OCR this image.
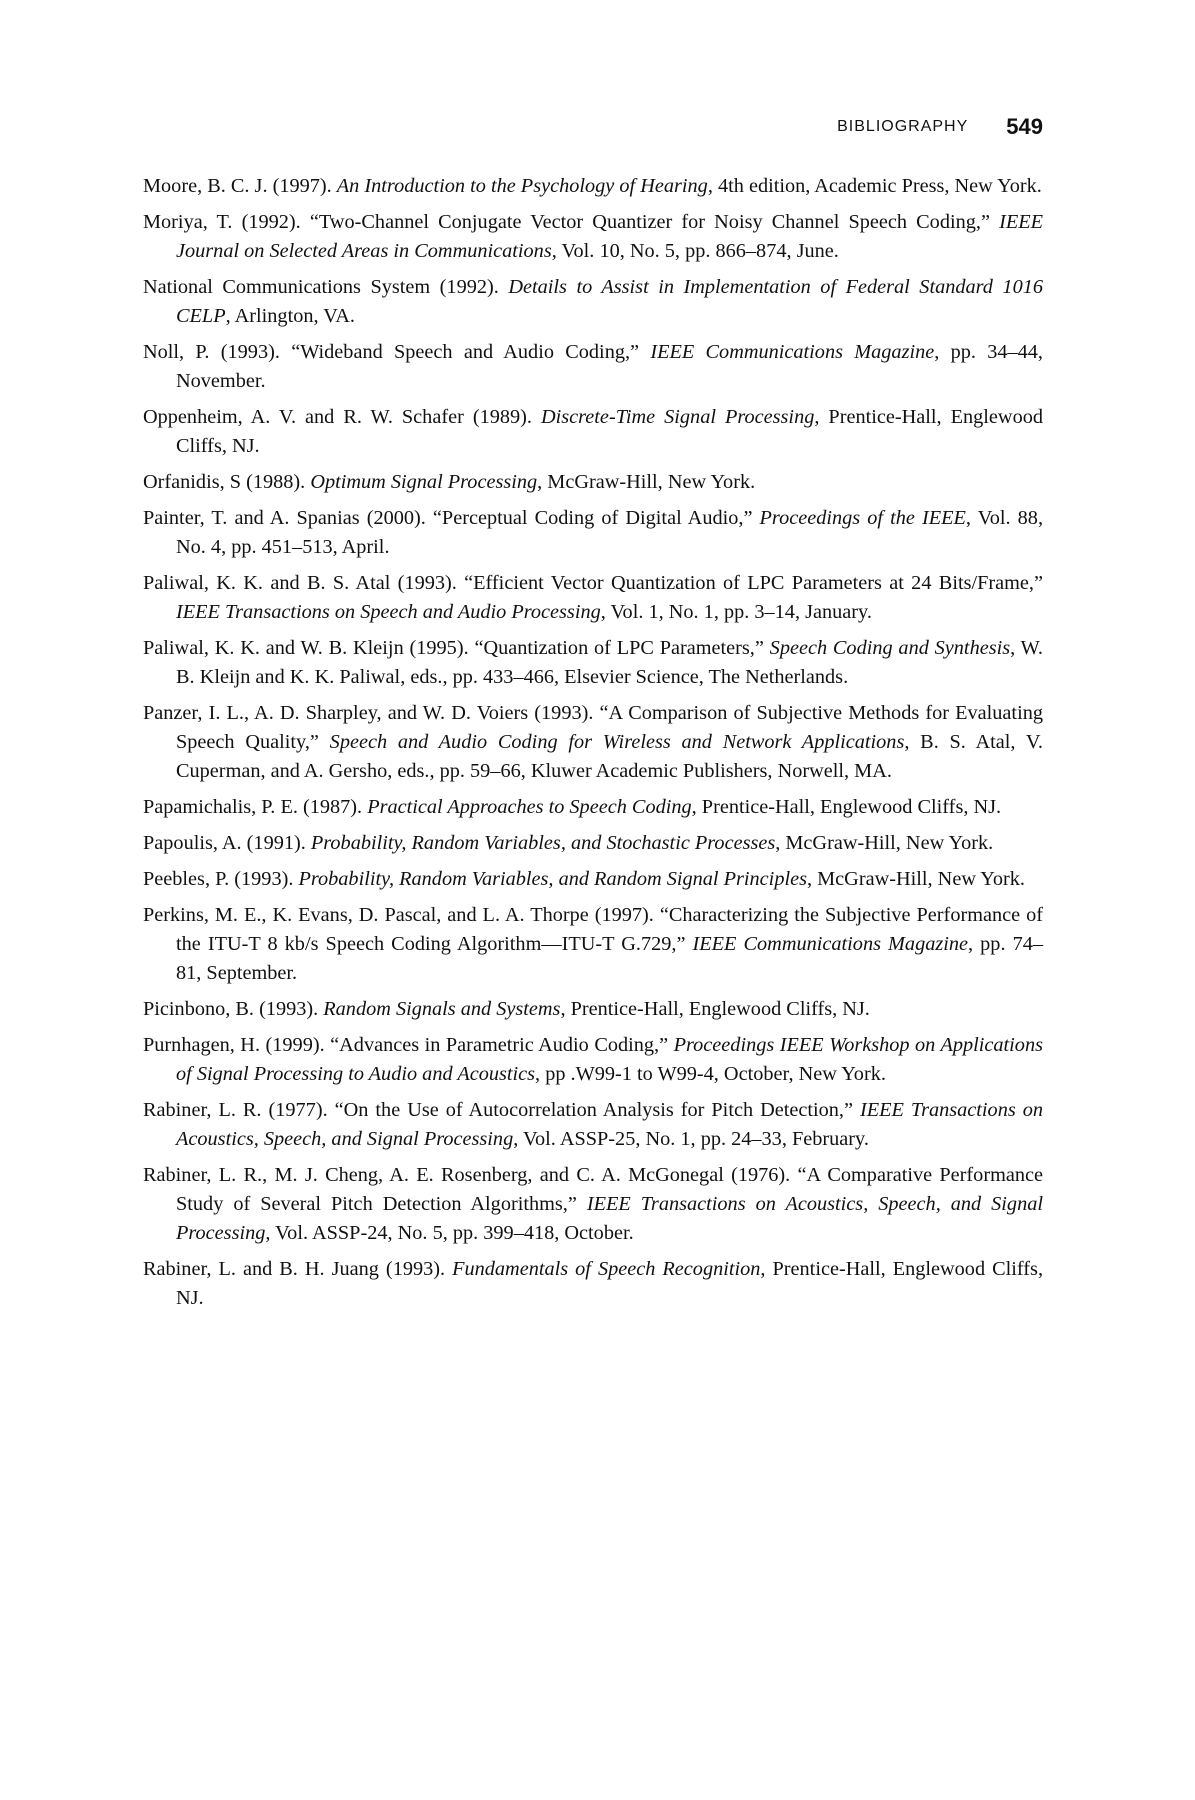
BIBLIOGRAPHY 549

Moore, B. C. J. (1997). An Introduction to the Psychology of Hearing, 4th edition, Academic Press, New York.

Moriya, T. (1992). “Two-Channel Conjugate Vector Quantizer for Noisy Channel Speech Coding,” IEEE Journal on Selected Areas in Communications, Vol. 10, No. 5, pp. 866–874, June.

National Communications System (1992). Details to Assist in Implementation of Federal Standard 1016 CELP, Arlington, VA.

Noll, P. (1993). “Wideband Speech and Audio Coding,” IEEE Communications Magazine, pp. 34–44, November.

Oppenheim, A. V. and R. W. Schafer (1989). Discrete-Time Signal Processing, Prentice-Hall, Englewood Cliffs, NJ.

Orfanidis, S (1988). Optimum Signal Processing, McGraw-Hill, New York.

Painter, T. and A. Spanias (2000). “Perceptual Coding of Digital Audio,” Proceedings of the IEEE, Vol. 88, No. 4, pp. 451–513, April.

Paliwal, K. K. and B. S. Atal (1993). “Efficient Vector Quantization of LPC Parameters at 24 Bits/Frame,” IEEE Transactions on Speech and Audio Processing, Vol. 1, No. 1, pp. 3–14, January.

Paliwal, K. K. and W. B. Kleijn (1995). “Quantization of LPC Parameters,” Speech Coding and Synthesis, W. B. Kleijn and K. K. Paliwal, eds., pp. 433–466, Elsevier Science, The Netherlands.

Panzer, I. L., A. D. Sharpley, and W. D. Voiers (1993). “A Comparison of Subjective Methods for Evaluating Speech Quality,” Speech and Audio Coding for Wireless and Network Applications, B. S. Atal, V. Cuperman, and A. Gersho, eds., pp. 59–66, Kluwer Academic Publishers, Norwell, MA.

Papamichalis, P. E. (1987). Practical Approaches to Speech Coding, Prentice-Hall, Englewood Cliffs, NJ.

Papoulis, A. (1991). Probability, Random Variables, and Stochastic Processes, McGraw-Hill, New York.

Peebles, P. (1993). Probability, Random Variables, and Random Signal Principles, McGraw-Hill, New York.

Perkins, M. E., K. Evans, D. Pascal, and L. A. Thorpe (1997). “Characterizing the Subjective Performance of the ITU-T 8 kb/s Speech Coding Algorithm—ITU-T G.729,” IEEE Communications Magazine, pp. 74–81, September.

Picinbono, B. (1993). Random Signals and Systems, Prentice-Hall, Englewood Cliffs, NJ.

Purnhagen, H. (1999). “Advances in Parametric Audio Coding,” Proceedings IEEE Workshop on Applications of Signal Processing to Audio and Acoustics, pp .W99-1 to W99-4, October, New York.

Rabiner, L. R. (1977). “On the Use of Autocorrelation Analysis for Pitch Detection,” IEEE Transactions on Acoustics, Speech, and Signal Processing, Vol. ASSP-25, No. 1, pp. 24–33, February.

Rabiner, L. R., M. J. Cheng, A. E. Rosenberg, and C. A. McGonegal (1976). “A Comparative Performance Study of Several Pitch Detection Algorithms,” IEEE Transactions on Acoustics, Speech, and Signal Processing, Vol. ASSP-24, No. 5, pp. 399–418, October.

Rabiner, L. and B. H. Juang (1993). Fundamentals of Speech Recognition, Prentice-Hall, Englewood Cliffs, NJ.
